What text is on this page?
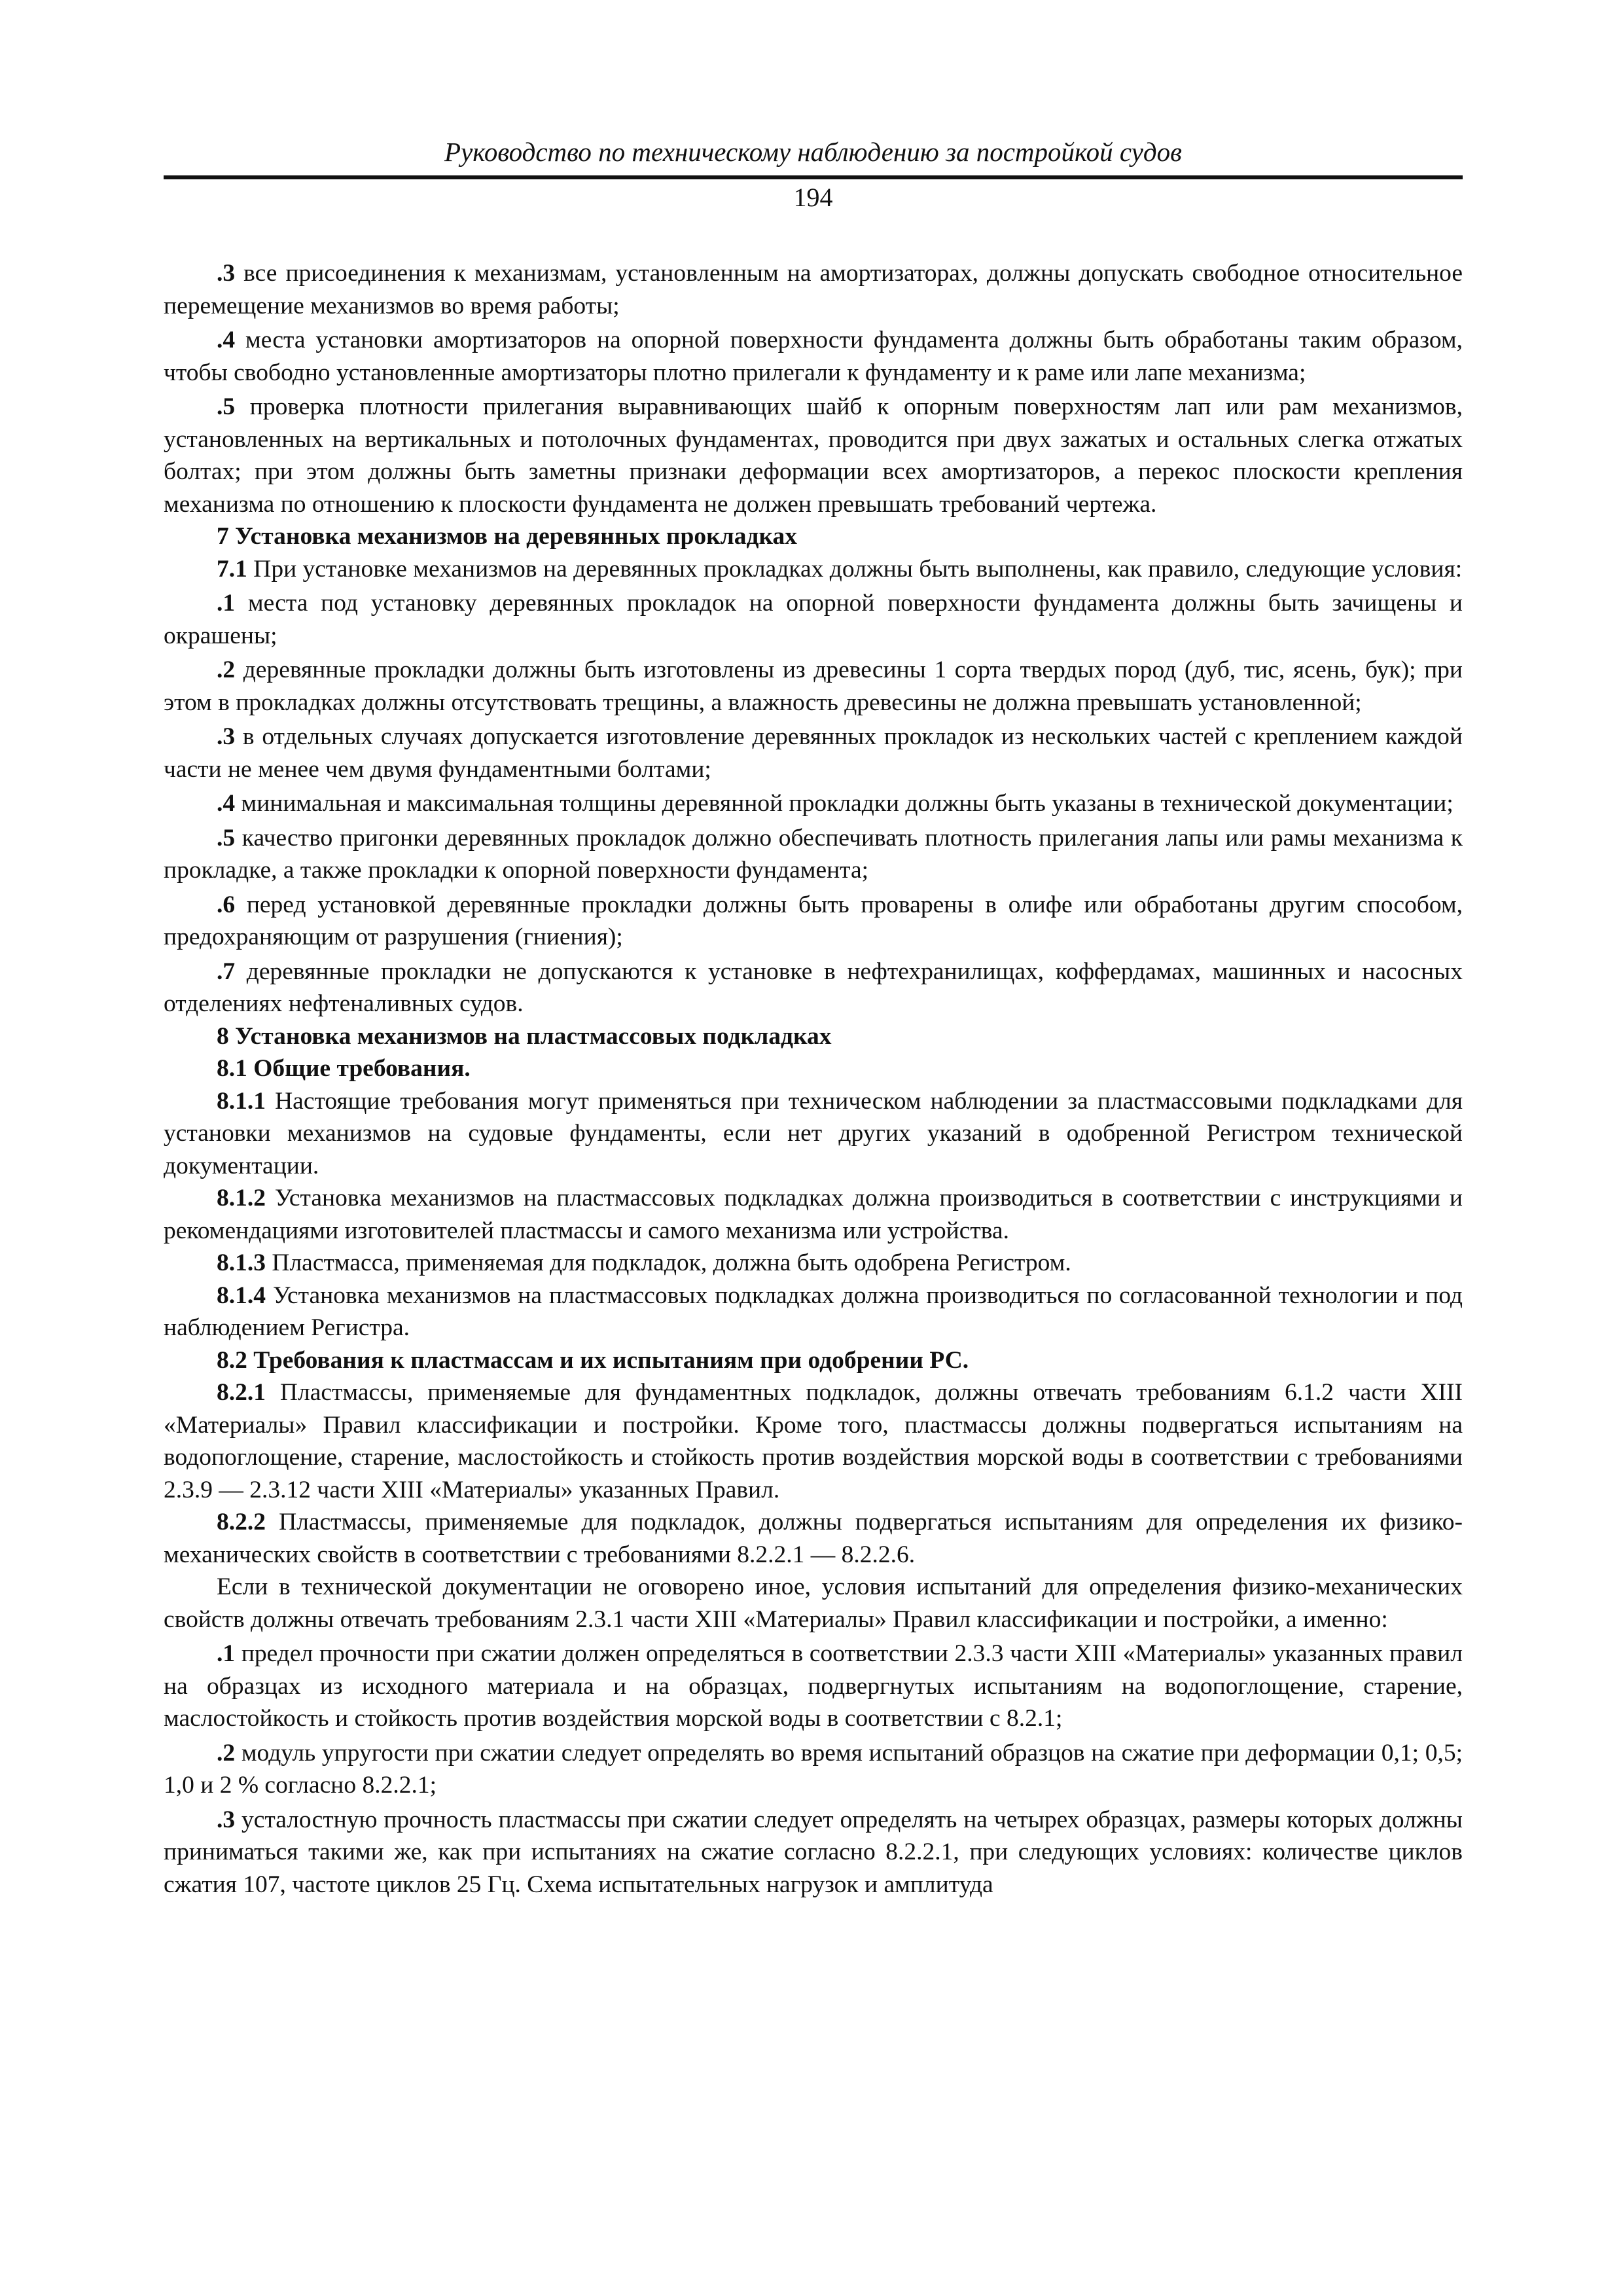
Руководство по техническому наблюдению за постройкой судов
194

.3 все присоединения к механизмам, установленным на амортизаторах, должны допускать свободное относительное перемещение механизмов во время работы;

.4 места установки амортизаторов на опорной поверхности фундамента должны быть обработаны таким образом, чтобы свободно установленные амортизаторы плотно прилегали к фундаменту и к раме или лапе механизма;

.5 проверка плотности прилегания выравнивающих шайб к опорным поверхностям лап или рам механизмов, установленных на вертикальных и потолочных фундаментах, проводится при двух зажатых и остальных слегка отжатых болтах; при этом должны быть заметны признаки деформации всех амортизаторов, а перекос плоскости крепления механизма по отношению к плоскости фундамента не должен превышать требований чертежа.

7 Установка механизмов на деревянных прокладках

7.1 При установке механизмов на деревянных прокладках должны быть выполнены, как правило, следующие условия:

.1 места под установку деревянных прокладок на опорной поверхности фундамента должны быть зачищены и окрашены;

.2 деревянные прокладки должны быть изготовлены из древесины 1 сорта твердых пород (дуб, тис, ясень, бук); при этом в прокладках должны отсутствовать трещины, а влажность древесины не должна превышать установленной;

.3 в отдельных случаях допускается изготовление деревянных прокладок из нескольких частей с креплением каждой части не менее чем двумя фундаментными болтами;

.4 минимальная и максимальная толщины деревянной прокладки должны быть указаны в технической документации;

.5 качество пригонки деревянных прокладок должно обеспечивать плотность прилегания лапы или рамы механизма к прокладке, а также прокладки к опорной поверхности фундамента;

.6 перед установкой деревянные прокладки должны быть проварены в олифе или обработаны другим способом, предохраняющим от разрушения (гниения);

.7 деревянные прокладки не допускаются к установке в нефтехранилищах, коффердамах, машинных и насосных отделениях нефтеналивных судов.

8 Установка механизмов на пластмассовых подкладках

8.1 Общие требования.

8.1.1 Настоящие требования могут применяться при техническом наблюдении за пластмассовыми подкладками для установки механизмов на судовые фундаменты, если нет других указаний в одобренной Регистром технической документации.

8.1.2 Установка механизмов на пластмассовых подкладках должна производиться в соответствии с инструкциями и рекомендациями изготовителей пластмассы и самого механизма или устройства.

8.1.3 Пластмасса, применяемая для подкладок, должна быть одобрена Регистром.

8.1.4 Установка механизмов на пластмассовых подкладках должна производиться по согласованной технологии и под наблюдением Регистра.

8.2 Требования к пластмассам и их испытаниям при одобрении РС.

8.2.1 Пластмассы, применяемые для фундаментных подкладок, должны отвечать требованиям 6.1.2 части XIII «Материалы» Правил классификации и постройки. Кроме того, пластмассы должны подвергаться испытаниям на водопоглощение, старение, маслостойкость и стойкость против воздействия морской воды в соответствии с требованиями 2.3.9 — 2.3.12 части XIII «Материалы» указанных Правил.

8.2.2 Пластмассы, применяемые для подкладок, должны подвергаться испытаниям для определения их физико-механических свойств в соответствии с требованиями 8.2.2.1 — 8.2.2.6.

Если в технической документации не оговорено иное, условия испытаний для определения физико-механических свойств должны отвечать требованиям 2.3.1 части XIII «Материалы» Правил классификации и постройки, а именно:

.1 предел прочности при сжатии должен определяться в соответствии 2.3.3 части XIII «Материалы» указанных правил на образцах из исходного материала и на образцах, подвергнутых испытаниям на водопоглощение, старение, маслостойкость и стойкость против воздействия морской воды в соответствии с 8.2.1;

.2 модуль упругости при сжатии следует определять во время испытаний образцов на сжатие при деформации 0,1; 0,5; 1,0 и 2 % согласно 8.2.2.1;

.3 усталостную прочность пластмассы при сжатии следует определять на четырех образцах, размеры которых должны приниматься такими же, как при испытаниях на сжатие согласно 8.2.2.1, при следующих условиях: количестве циклов сжатия 107, частоте циклов 25 Гц. Схема испытательных нагрузок и амплитуда
